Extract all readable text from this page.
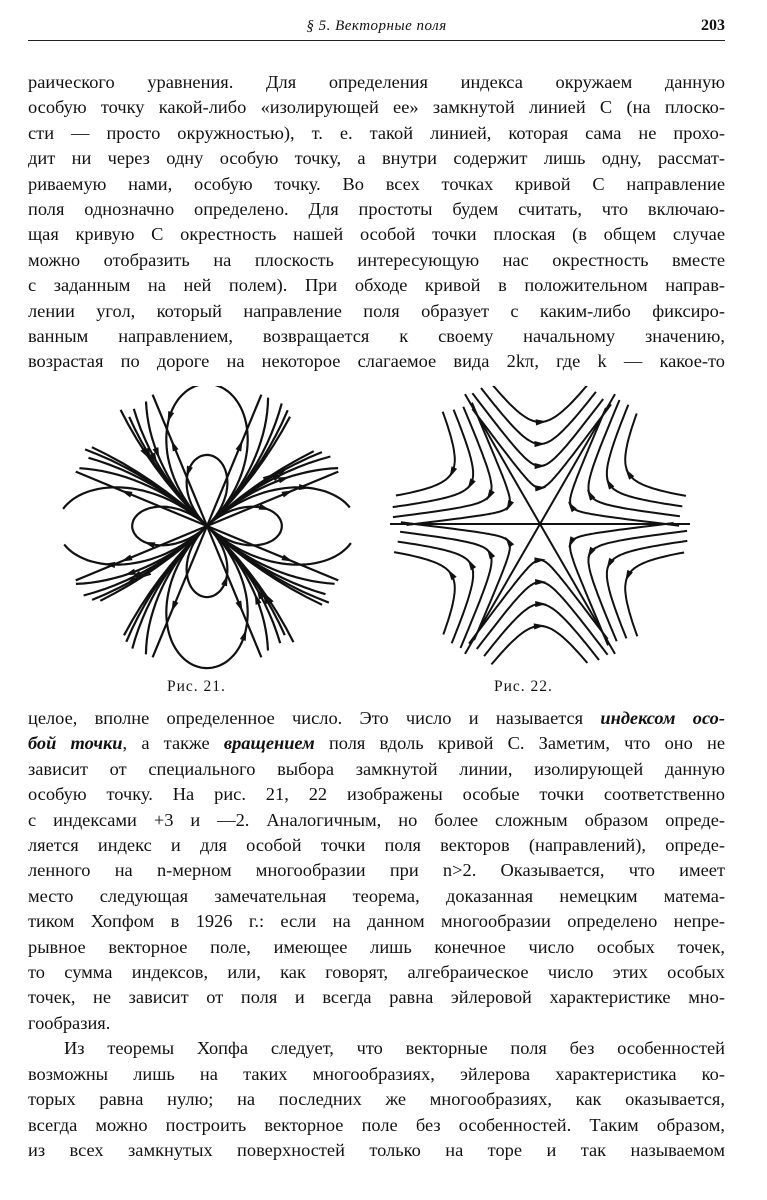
§ 5. Векторные поля	203
раического уравнения. Для определения индекса окружаем данную
особую точку какой-либо «изолирующей ее» замкнутой линией C (на плоско-
сти — просто окружностью), т. е. такой линией, которая сама не прохо-
дит ни через одну особую точку, а внутри содержит лишь одну, рассмат-
риваемую нами, особую точку. Во всех точках кривой C направление
поля однозначно определено. Для простоты будем считать, что включаю-
щая кривую C окрестность нашей особой точки плоская (в общем случае
можно отобразить на плоскость интересующую нас окрестность вместе
с заданным на ней полем). При обходе кривой в положительном направ-
лении угол, который направление поля образует с каким-либо фиксиро-
ванным направлением, возвращается к своему начальному значению,
возрастая по дороге на некоторое слагаемое вида 2kπ, где k — какое-то
Рис. 21.	Рис. 22.
целое, вполне определенное число. Это число и называется индексом осо-
бой точки, а также вращением поля вдоль кривой C. Заметим, что оно не
зависит от специального выбора замкнутой линии, изолирующей данную
особую точку. На рис. 21, 22 изображены особые точки соответственно
с индексами +3 и —2. Аналогичным, но более сложным образом опреде-
ляется индекс и для особой точки поля векторов (направлений), опреде-
ленного на n-мерном многообразии при n>2. Оказывается, что имеет
место следующая замечательная теорема, доказанная немецким матема-
тиком Хопфом в 1926 г.: если на данном многообразии определено непре-
рывное векторное поле, имеющее лишь конечное число особых точек,
то сумма индексов, или, как говорят, алгебраическое число этих особых
точек, не зависит от поля и всегда равна эйлеровой характеристике мно-
гообразия.
Из теоремы Хопфа следует, что векторные поля без особенностей
возможны лишь на таких многообразиях, эйлерова характеристика ко-
торых равна нулю; на последних же многообразиях, как оказывается,
всегда можно построить векторное поле без особенностей. Таким образом,
из всех замкнутых поверхностей только на торе и так называемом
